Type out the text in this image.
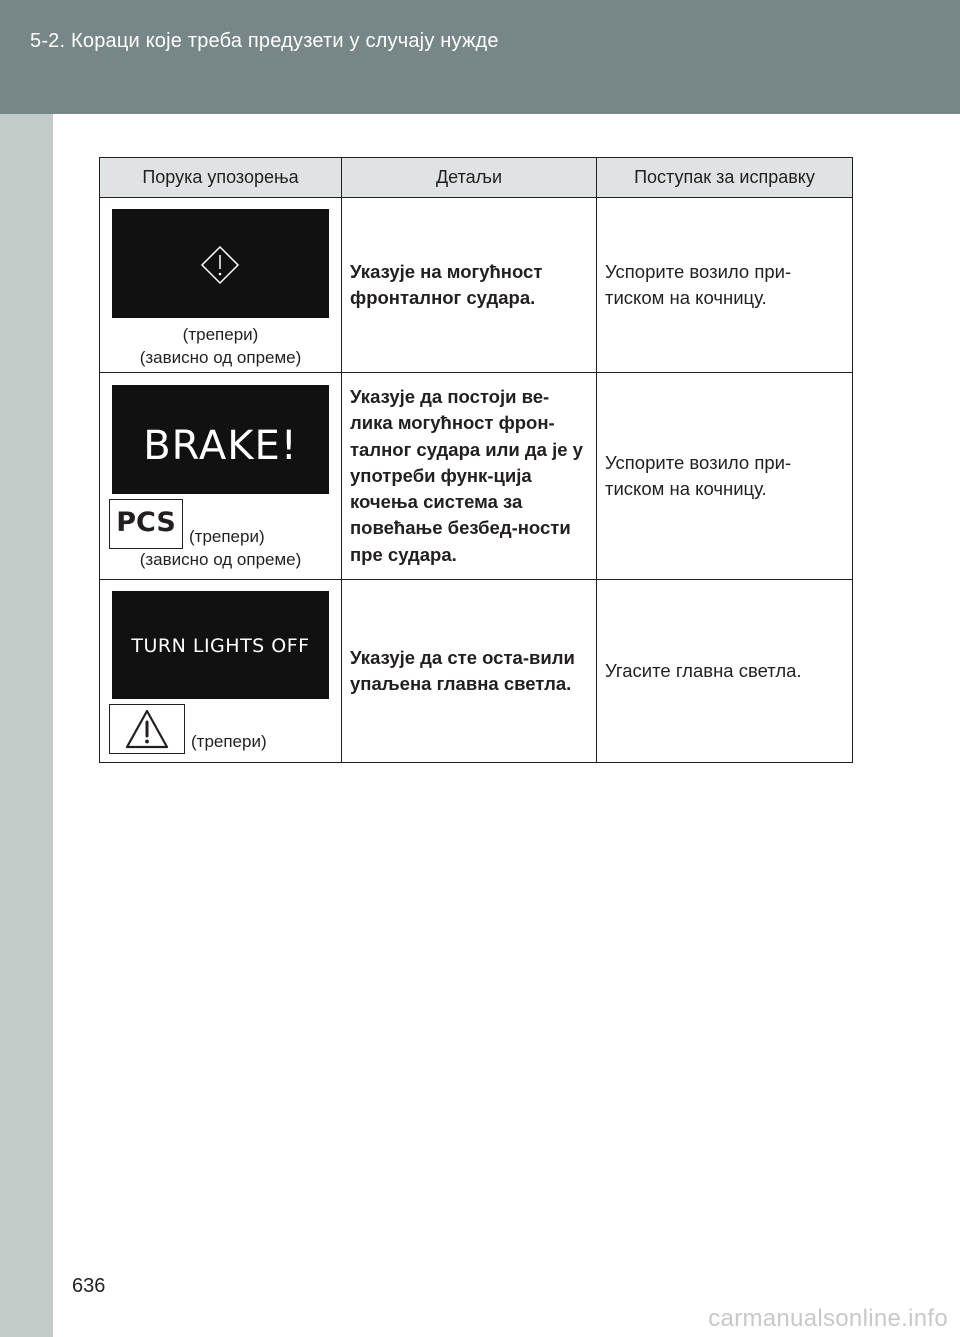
5-2. Кораци које треба предузети у случају нужде
Порука упозорења	Детаљи	Поступак за исправку

(трепери)
(зависно од опреме)	Указује на могућност фронталног судара.	Успорите возило при-тиском на кочницу.

BRAKE!
PCS (трепери)
(зависно од опреме)	Указује да постоји ве-лика могућност фрон-талног судара или да је у употреби функ-ција кочења система за повећање безбед-ности пре судара.	Успорите возило при-тиском на кочницу.

TURN LIGHTS OFF
(трепери)	Указује да сте оста-вили упаљена главна светла.	Угасите главна светла.
636
carmanualsonline.info
